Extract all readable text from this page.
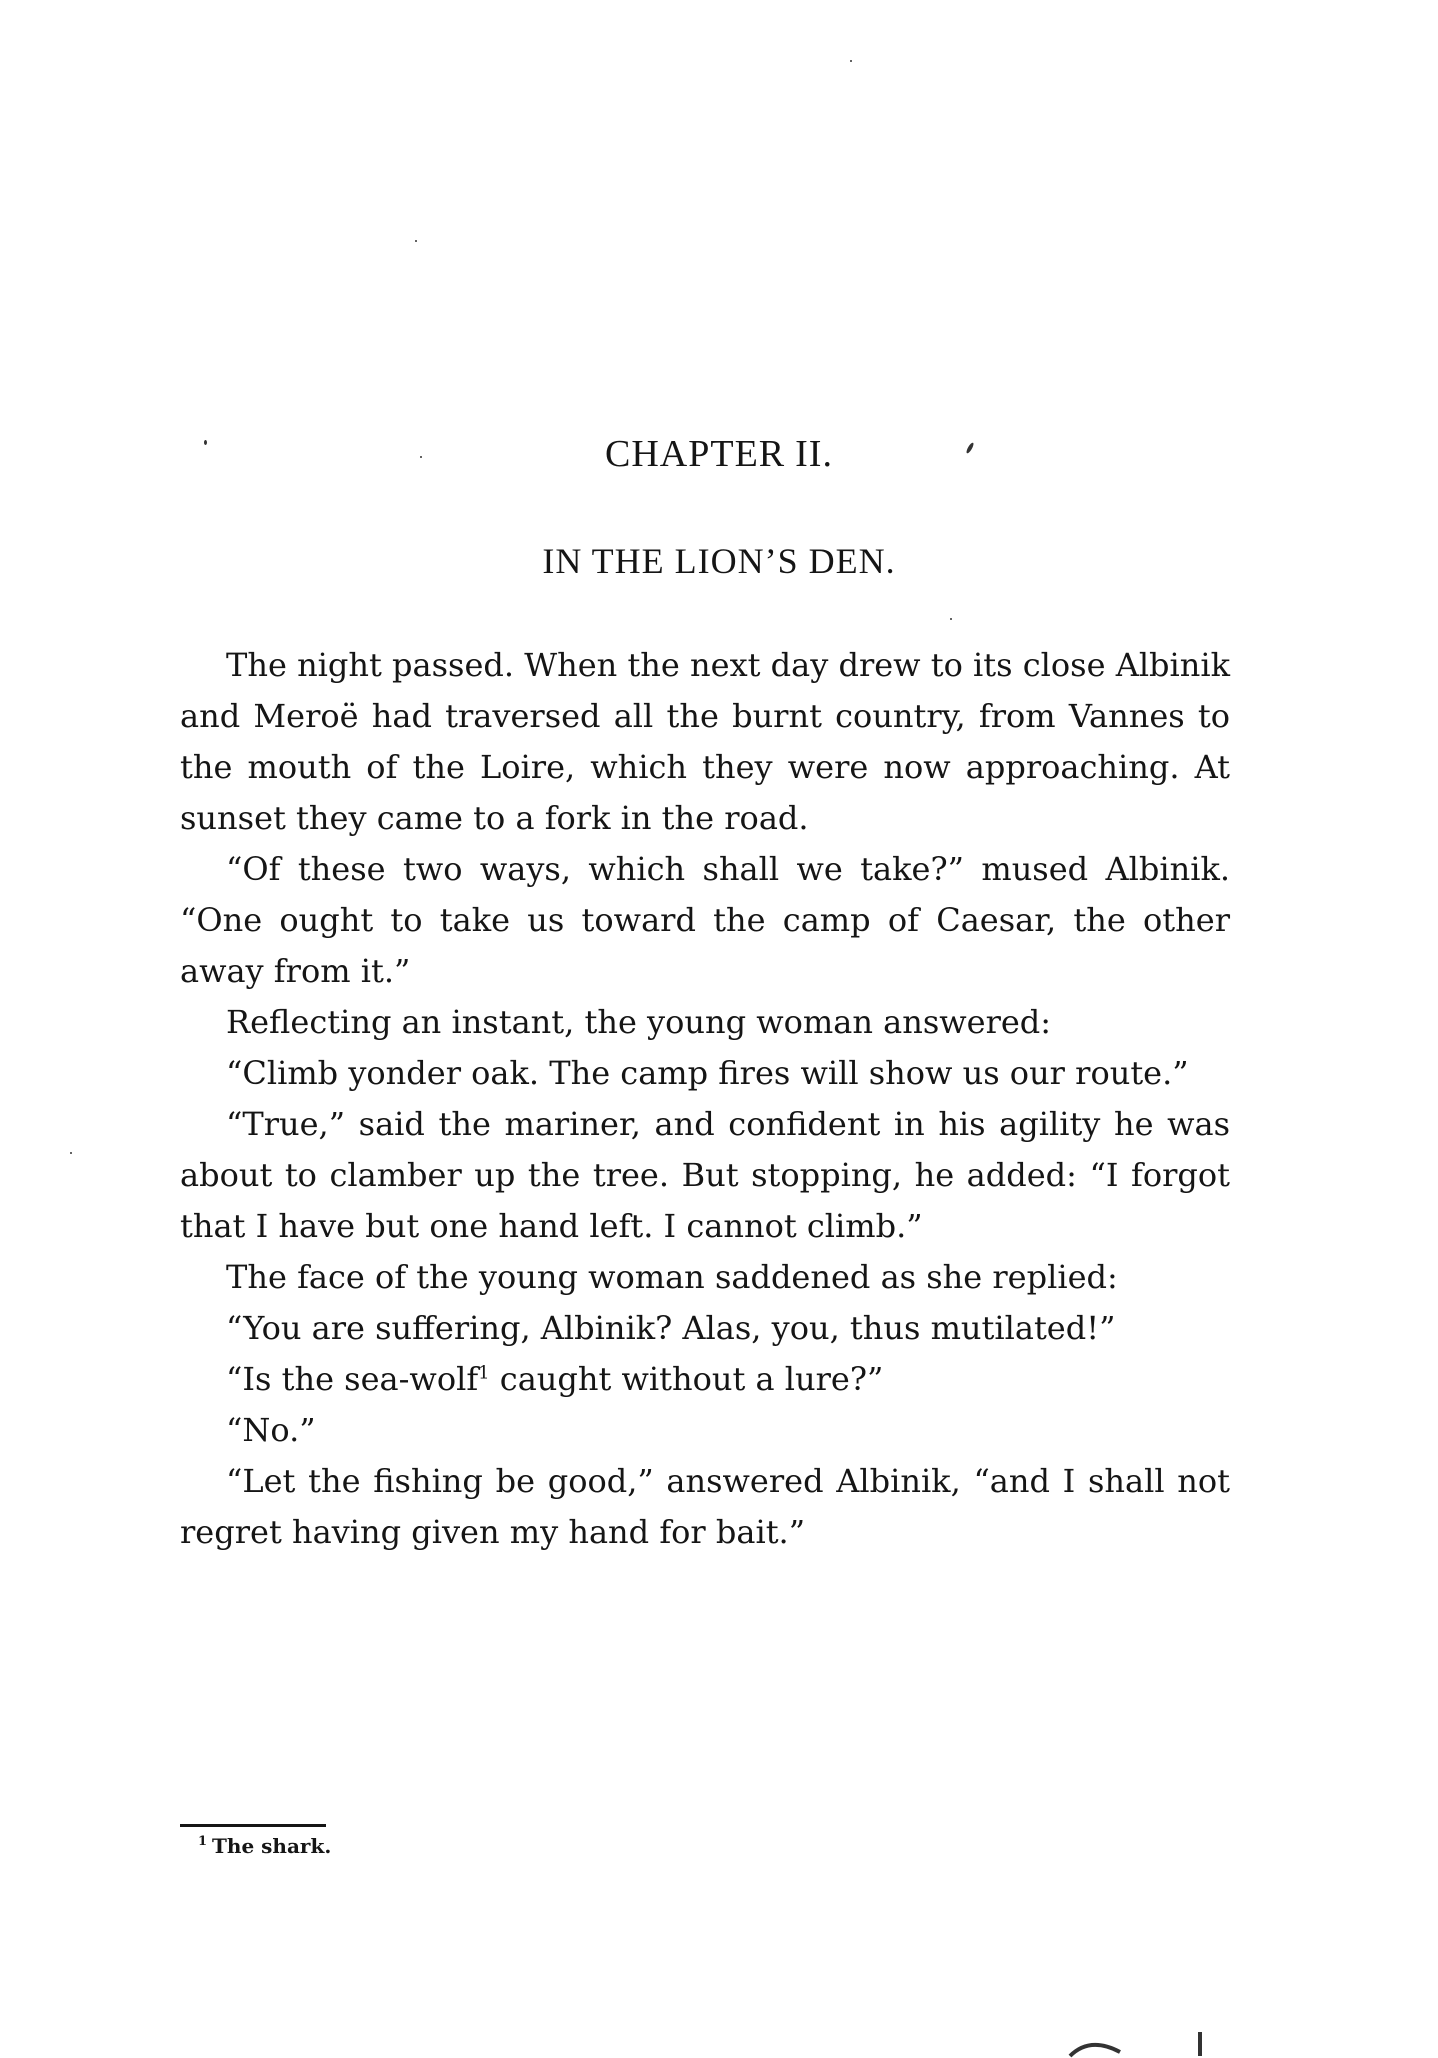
CHAPTER II.
IN THE LION’S DEN.

The night passed. When the next day drew to its close Albinik and Meroë had traversed all the burnt country, from Vannes to the mouth of the Loire, which they were now approaching. At sunset they came to a fork in the road.

“Of these two ways, which shall we take?” mused Albinik. “One ought to take us toward the camp of Caesar, the other away from it.”

Reflecting an instant, the young woman answered:

“Climb yonder oak. The camp fires will show us our route.”

“True,” said the mariner, and confident in his agility he was about to clamber up the tree. But stopping, he added: “I forgot that I have but one hand left. I cannot climb.”

The face of the young woman saddened as she replied:

“You are suffering, Albinik? Alas, you, thus mutilated!”

“Is the sea-wolf$^1$ caught without a lure?”

“No.”

“Let the fishing be good,” answered Albinik, “and I shall not regret having given my hand for bait.”

$^1$ The shark.
